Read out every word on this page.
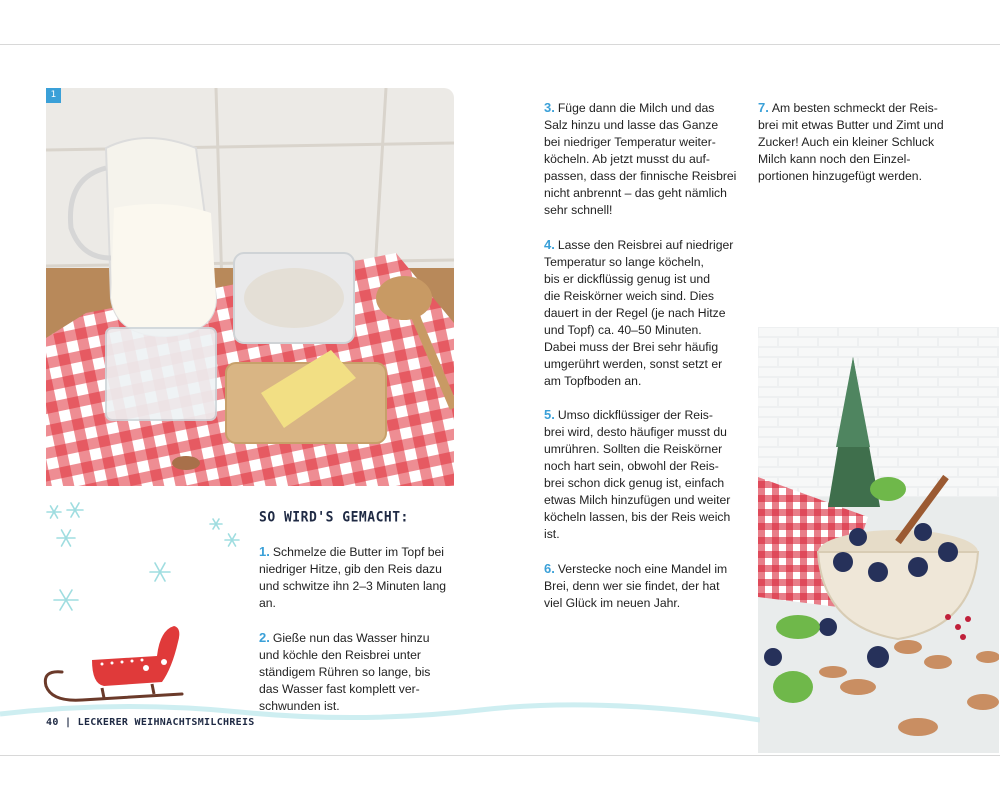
1
SO WIRD'S GEMACHT:
1. Schmelze die Butter im Topf bei
niedriger Hitze, gib den Reis dazu
und schwitze ihn 2–3 Minuten lang
an.
2. Gieße nun das Wasser hinzu
und köchle den Reisbrei unter
ständigem Rühren so lange, bis
das Wasser fast komplett ver-
schwunden ist.
3. Füge dann die Milch und das
Salz hinzu und lasse das Ganze
bei niedriger Temperatur weiter-
köcheln. Ab jetzt musst du auf-
passen, dass der finnische Reisbrei
nicht anbrennt – das geht nämlich
sehr schnell!
4. Lasse den Reisbrei auf niedriger
Temperatur so lange köcheln,
bis er dickflüssig genug ist und
die Reiskörner weich sind. Dies
dauert in der Regel (je nach Hitze
und Topf) ca. 40–50 Minuten.
Dabei muss der Brei sehr häufig
umgerührt werden, sonst setzt er
am Topfboden an.
5. Umso dickflüssiger der Reis-
brei wird, desto häufiger musst du
umrühren. Sollten die Reiskörner
noch hart sein, obwohl der Reis-
brei schon dick genug ist, einfach
etwas Milch hinzufügen und weiter
köcheln lassen, bis der Reis weich
ist.
6. Verstecke noch eine Mandel im
Brei, denn wer sie findet, der hat
viel Glück im neuen Jahr.
7. Am besten schmeckt der Reis-
brei mit etwas Butter und Zimt und
Zucker! Auch ein kleiner Schluck
Milch kann noch den Einzel-
portionen hinzugefügt werden.
40 | LECKERER WEIHNACHTSMILCHREIS
